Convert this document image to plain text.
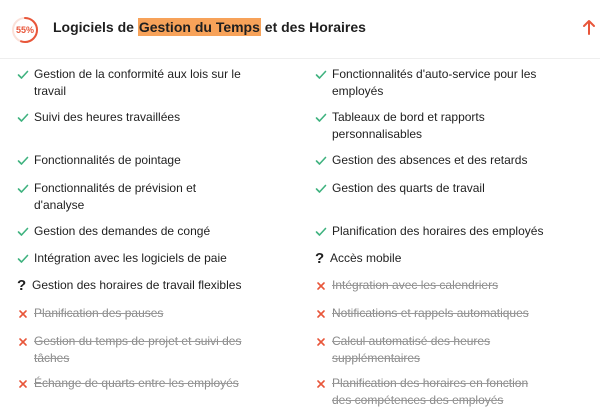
55%	Logiciels de Gestion du Temps et des Horaires
Gestion de la conformité aux lois sur le
travail
Suivi des heures travaillées
Fonctionnalités de pointage
Fonctionnalités de prévision et
d'analyse
Gestion des demandes de congé
Intégration avec les logiciels de paie
? Gestion des horaires de travail flexibles
Planification des pauses
Gestion du temps de projet et suivi des
tâches
Échange de quarts entre les employés
Fonctionnalités d'auto-service pour les
employés
Tableaux de bord et rapports
personnalisables
Gestion des absences et des retards
Gestion des quarts de travail
Planification des horaires des employés
? Accès mobile
Intégration avec les calendriers
Notifications et rappels automatiques
Calcul automatisé des heures
supplémentaires
Planification des horaires en fonction
des compétences des employés
